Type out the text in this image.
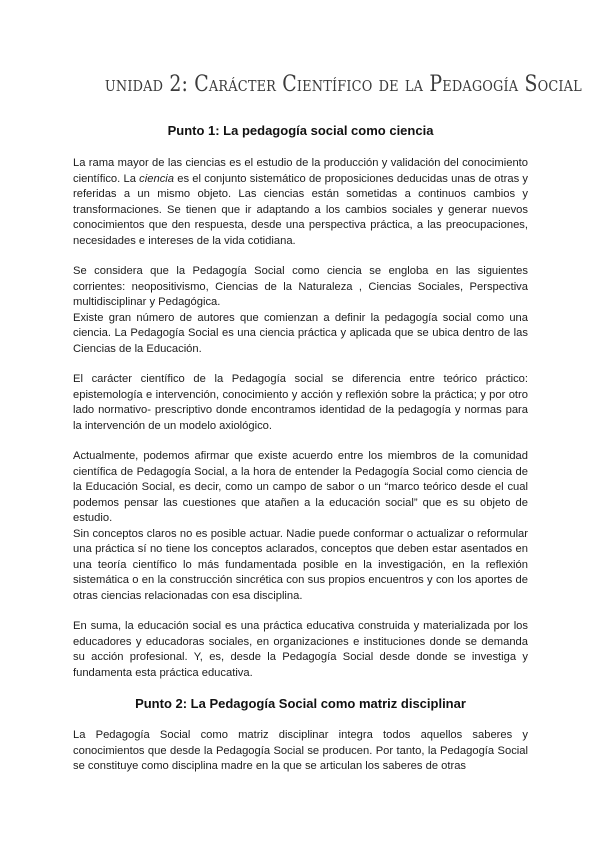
unidad 2: Carácter Científico de la Pedagogía Social
Punto 1: La pedagogía social como ciencia

La rama mayor de las ciencias es el estudio de la producción y validación del conocimiento científico. La ciencia es el conjunto sistemático de proposiciones deducidas unas de otras y referidas a un mismo objeto. Las ciencias están sometidas a continuos cambios y transformaciones. Se tienen que ir adaptando a los cambios sociales y generar nuevos conocimientos que den respuesta, desde una perspectiva práctica, a las preocupaciones, necesidades e intereses de la vida cotidiana.

Se considera que la Pedagogía Social como ciencia se engloba en las siguientes corrientes: neopositivismo, Ciencias de la Naturaleza , Ciencias Sociales, Perspectiva multidisciplinar y Pedagógica.

Existe gran número de autores que comienzan a definir la pedagogía social como una ciencia. La Pedagogía Social es una ciencia práctica y aplicada que se ubica dentro de las Ciencias de la Educación.

El carácter científico de la Pedagogía social se diferencia entre teórico práctico: epistemología e intervención, conocimiento y acción y reflexión sobre la práctica; y por otro lado normativo- prescriptivo donde encontramos identidad de la pedagogía y normas para la intervención de un modelo axiológico.

Actualmente, podemos afirmar que existe acuerdo entre los miembros de la comunidad científica de Pedagogía Social, a la hora de entender la Pedagogía Social como ciencia de la Educación Social, es decir, como un campo de sabor o un “marco teórico desde el cual podemos pensar las cuestiones que atañen a la educación social” que es su objeto de estudio.

Sin conceptos claros no es posible actuar. Nadie puede conformar o actualizar o reformular una práctica sí no tiene los conceptos aclarados, conceptos que deben estar asentados en una teoría científico lo más fundamentada posible en la investigación, en la reflexión sistemática o en la construcción sincrética con sus propios encuentros y con los aportes de otras ciencias relacionadas con esa disciplina.

En suma, la educación social es una práctica educativa construida y materializada por los educadores y educadoras sociales, en organizaciones e instituciones donde se demanda su acción profesional. Y, es, desde la Pedagogía Social desde donde se investiga y fundamenta esta práctica educativa.

Punto 2: La Pedagogía Social como matriz disciplinar

La Pedagogía Social como matriz disciplinar integra todos aquellos saberes y conocimientos que desde la Pedagogía Social se producen. Por tanto, la Pedagogía Social se constituye como disciplina madre en la que se articulan los saberes de otras
